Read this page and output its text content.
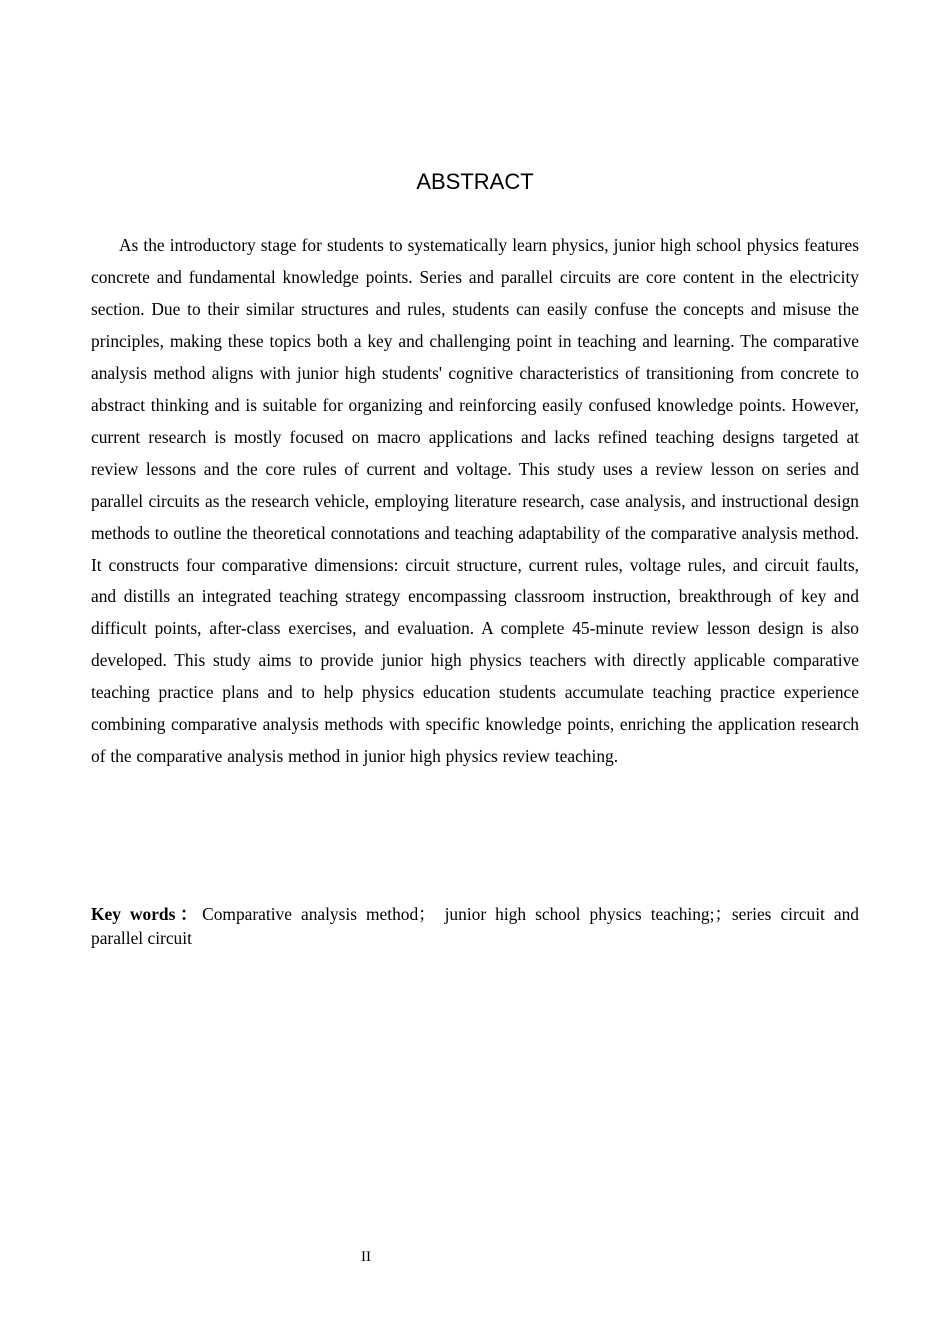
ABSTRACT

As the introductory stage for students to systematically learn physics, junior high school physics features concrete and fundamental knowledge points. Series and parallel circuits are core content in the electricity section. Due to their similar structures and rules, students can easily confuse the concepts and misuse the principles, making these topics both a key and challenging point in teaching and learning. The comparative analysis method aligns with junior high students' cognitive characteristics of transitioning from concrete to abstract thinking and is suitable for organizing and reinforcing easily confused knowledge points. However, current research is mostly focused on macro applications and lacks refined teaching designs targeted at review lessons and the core rules of current and voltage. This study uses a review lesson on series and parallel circuits as the research vehicle, employing literature research, case analysis, and instructional design methods to outline the theoretical connotations and teaching adaptability of the comparative analysis method. It constructs four comparative dimensions: circuit structure, current rules, voltage rules, and circuit faults, and distills an integrated teaching strategy encompassing classroom instruction, breakthrough of key and difficult points, after-class exercises, and evaluation. A complete 45-minute review lesson design is also developed. This study aims to provide junior high physics teachers with directly applicable comparative teaching practice plans and to help physics education students accumulate teaching practice experience combining comparative analysis methods with specific knowledge points, enriching the application research of the comparative analysis method in junior high physics review teaching.

Key words：Comparative analysis method； junior high school physics teaching;；series circuit and parallel circuit

II
